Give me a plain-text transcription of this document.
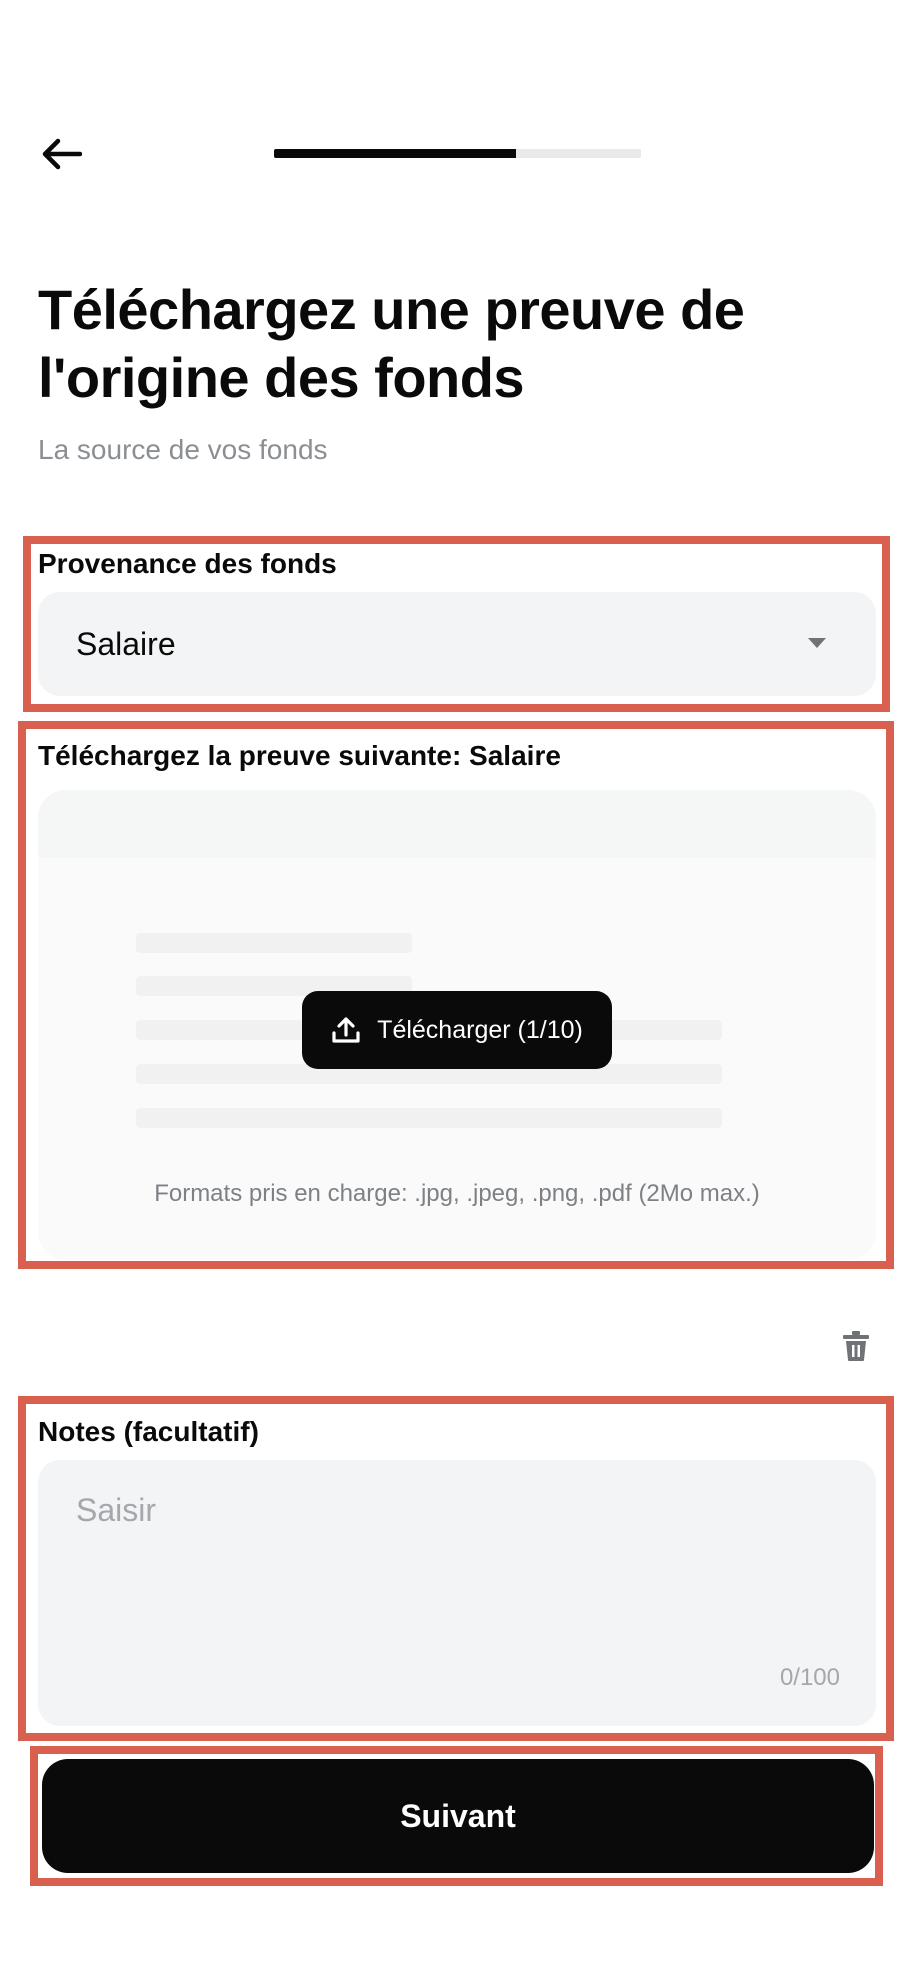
Téléchargez une preuve de l'origine des fonds
La source de vos fonds
Provenance des fonds
Salaire
Téléchargez la preuve suivante: Salaire
Télécharger (1/10)
Formats pris en charge: .jpg, .jpeg, .png, .pdf (2Mo max.)
Notes (facultatif)
Saisir
0/100
Suivant
